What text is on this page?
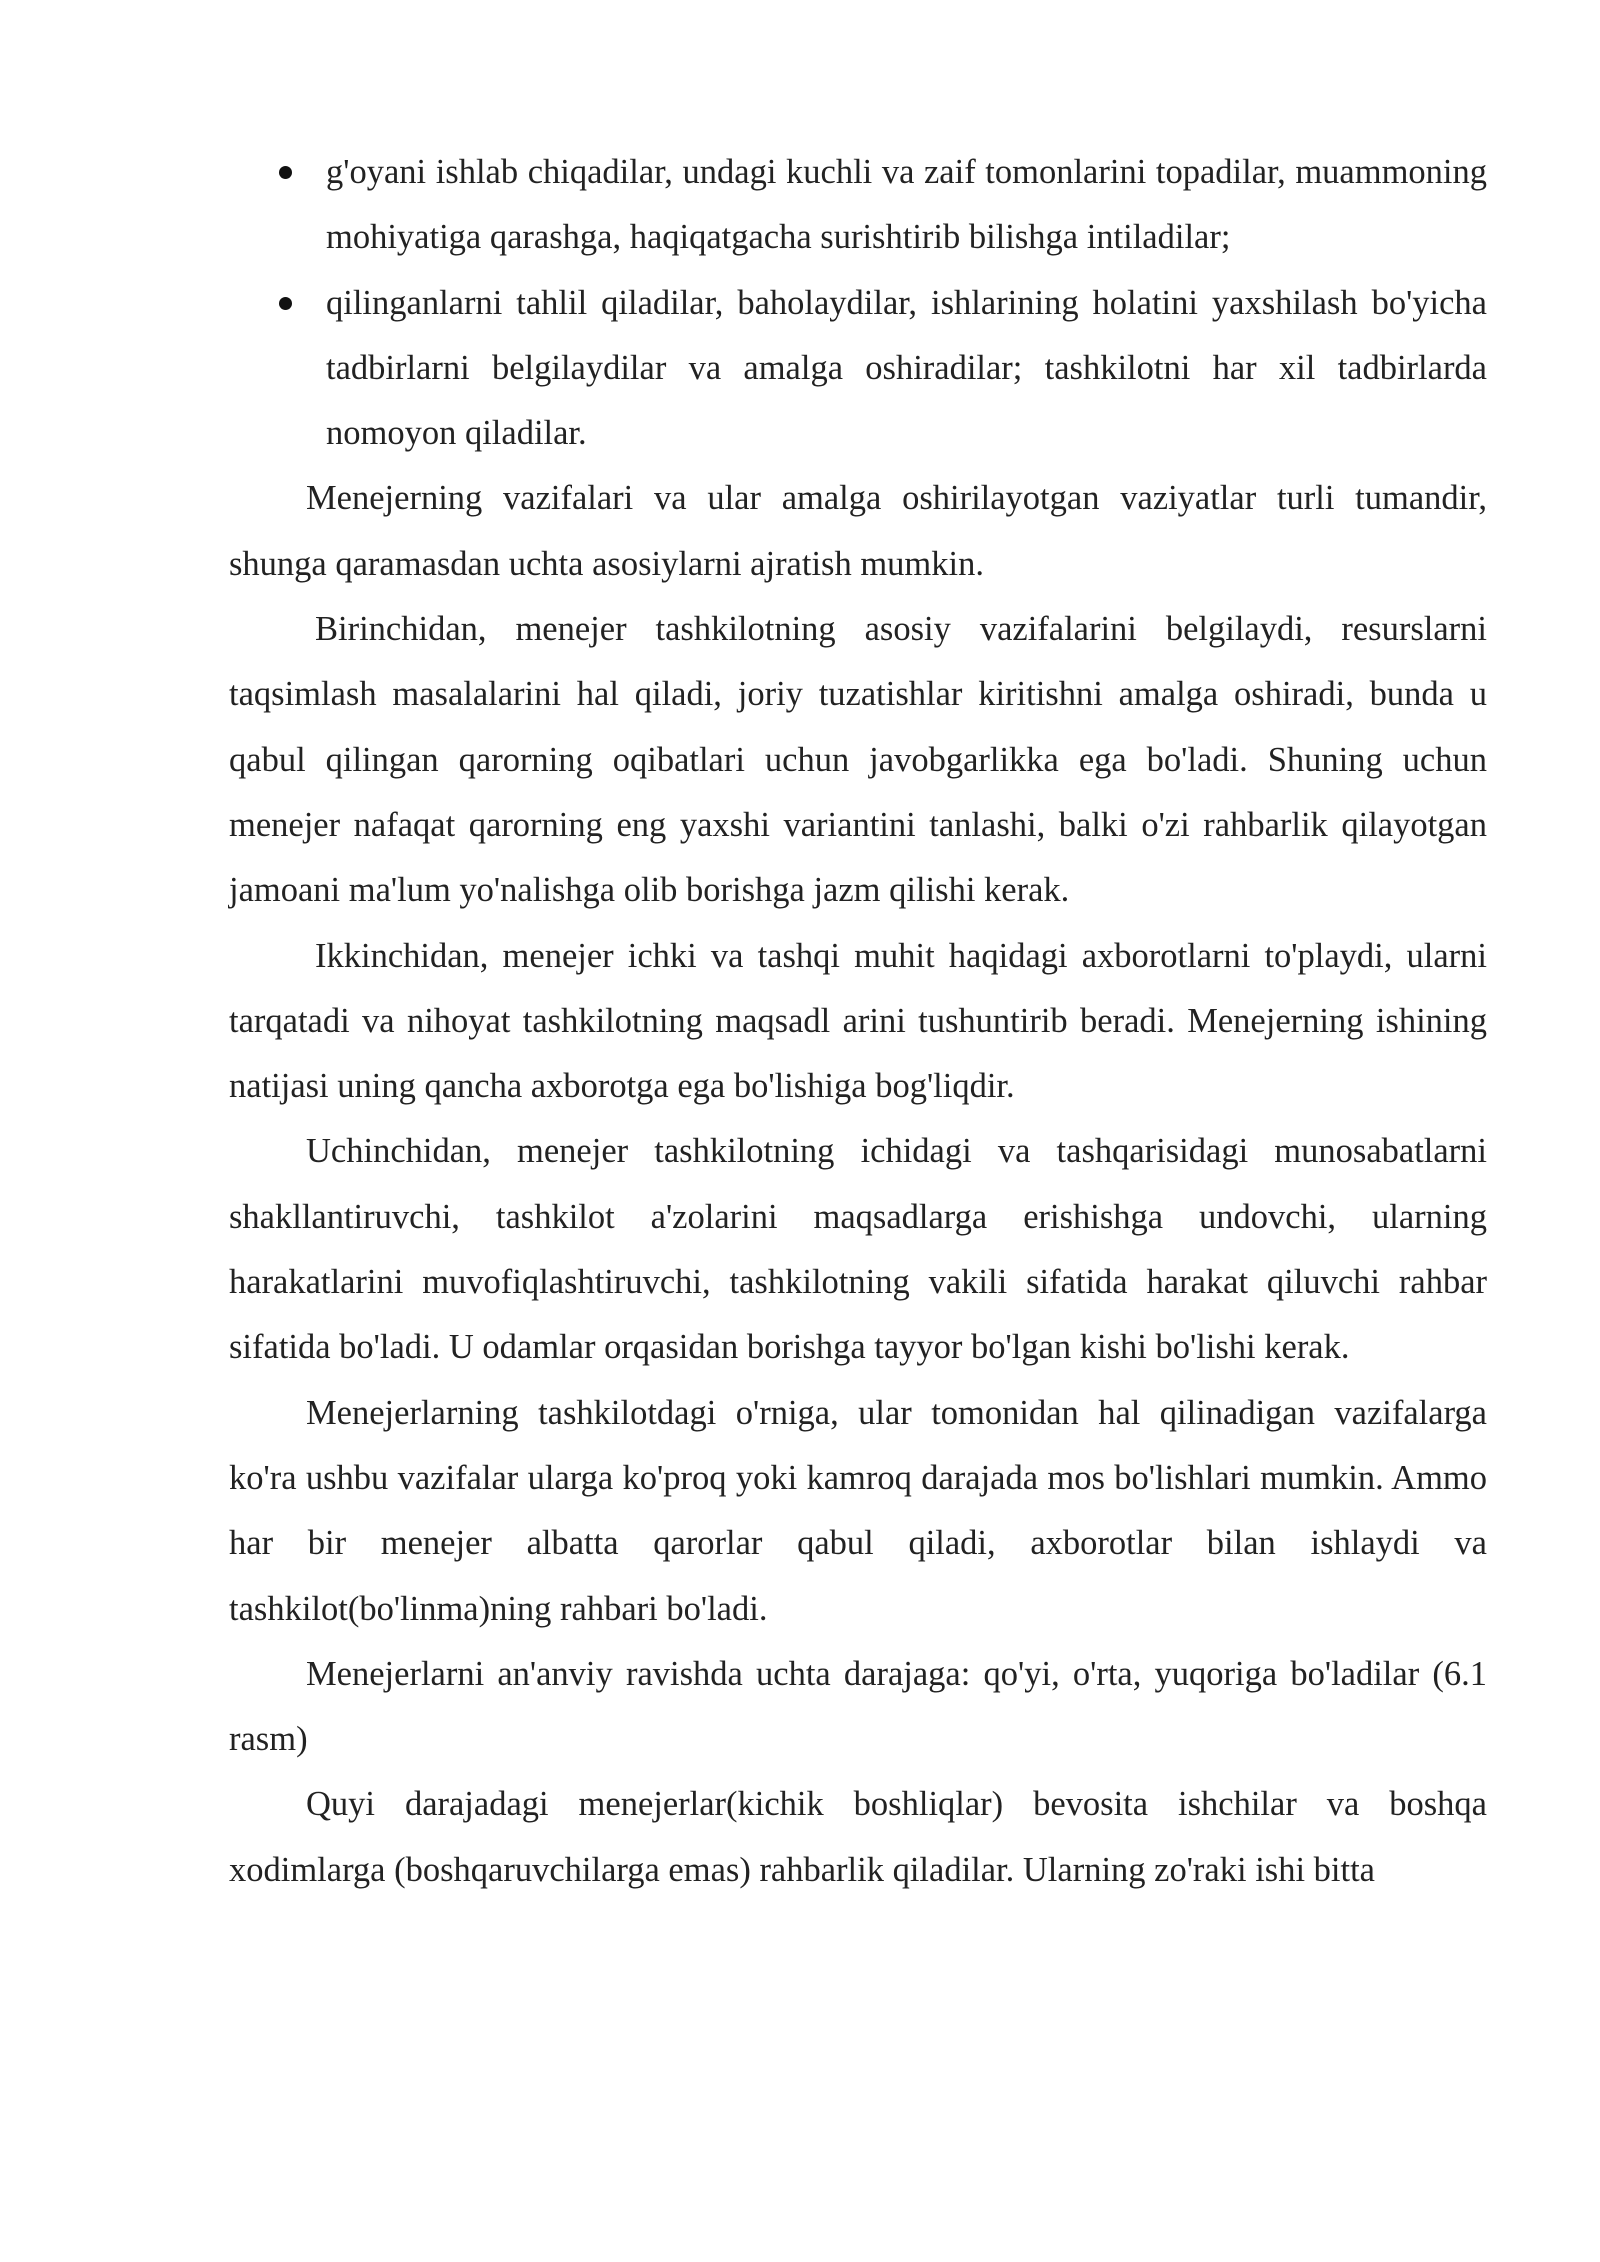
g'oyani ishlab chiqadilar, undagi kuchli va zaif tomonlarini topadilar, muammoning mohiyatiga qarashga, haqiqatgacha surishtirib bilishga intiladilar;
qilinganlarni tahlil qiladilar, baholaydilar, ishlarining holatini yaxshilash bo'yicha tadbirlarni belgilaydilar va amalga oshiradilar; tashkilotni har xil tadbirlarda nomoyon qiladilar.

Menejerning vazifalari va ular amalga oshirilayotgan vaziyatlar turli tumandir, shunga qaramasdan uchta asosiylarni ajratish mumkin.

Birinchidan, menejer tashkilotning asosiy vazifalarini belgilaydi, resurslarni taqsimlash masalalarini hal qiladi, joriy tuzatishlar kiritishni amalga oshiradi, bunda u qabul qilingan qarorning oqibatlari uchun javobgarlikka ega bo'ladi. Shuning uchun menejer nafaqat qarorning eng yaxshi variantini tanlashi, balki o'zi rahbarlik qilayotgan jamoani ma'lum yo'nalishga olib borishga jazm qilishi kerak.

Ikkinchidan, menejer ichki va tashqi muhit haqidagi axborotlarni to'playdi, ularni tarqatadi va nihoyat tashkilotning maqsadl arini tushuntirib beradi. Menejerning ishining natijasi uning qancha axborotga ega bo'lishiga bog'liqdir.

Uchinchidan, menejer tashkilotning ichidagi va tashqarisidagi munosabatlarni shakllantiruvchi, tashkilot a'zolarini maqsadlarga erishishga undovchi, ularning harakatlarini muvofiqlashtiruvchi, tashkilotning vakili sifatida harakat qiluvchi rahbar sifatida bo'ladi. U odamlar orqasidan borishga tayyor bo'lgan kishi bo'lishi kerak.

Menejerlarning tashkilotdagi o'rniga, ular tomonidan hal qilinadigan vazifalarga ko'ra ushbu vazifalar ularga ko'proq yoki kamroq darajada mos bo'lishlari mumkin. Ammo har bir menejer albatta qarorlar qabul qiladi, axborotlar bilan ishlaydi va tashkilot(bo'linma)ning rahbari bo'ladi.

Menejerlarni an'anviy ravishda uchta darajaga: qo'yi, o'rta, yuqoriga bo'ladilar (6.1 rasm)

Quyi darajadagi menejerlar(kichik boshliqlar) bevosita ishchilar va boshqa xodimlarga (boshqaruvchilarga emas) rahbarlik qiladilar. Ularning zo'raki ishi bitta
